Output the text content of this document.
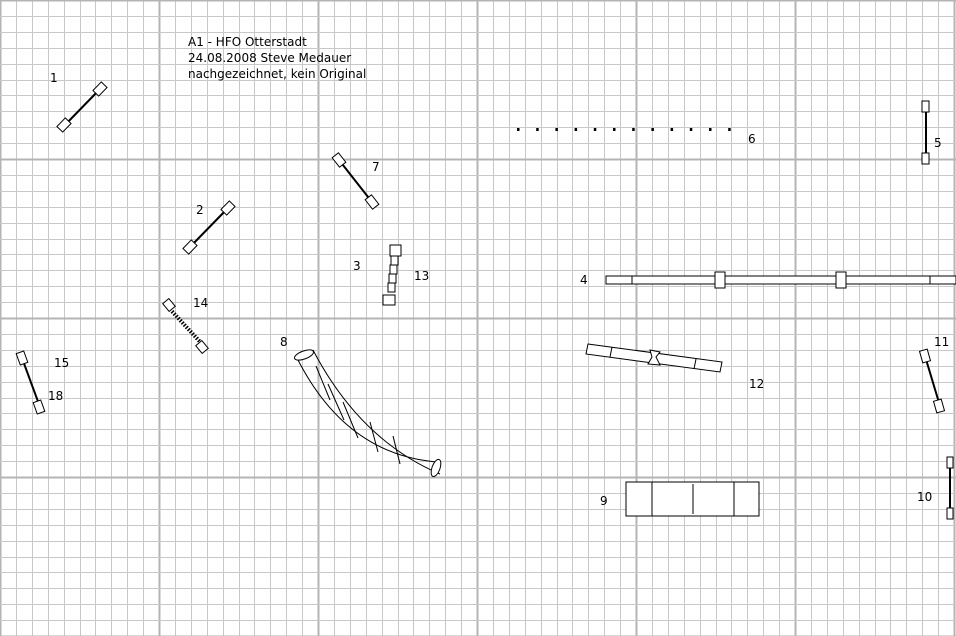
A1 - HFO Otterstadt
24.08.2008 Steve Medauer
nachgezeichnet, kein Original
1
2
7
3
13
14
15
18
8
6	5
4
12
11
9	10
